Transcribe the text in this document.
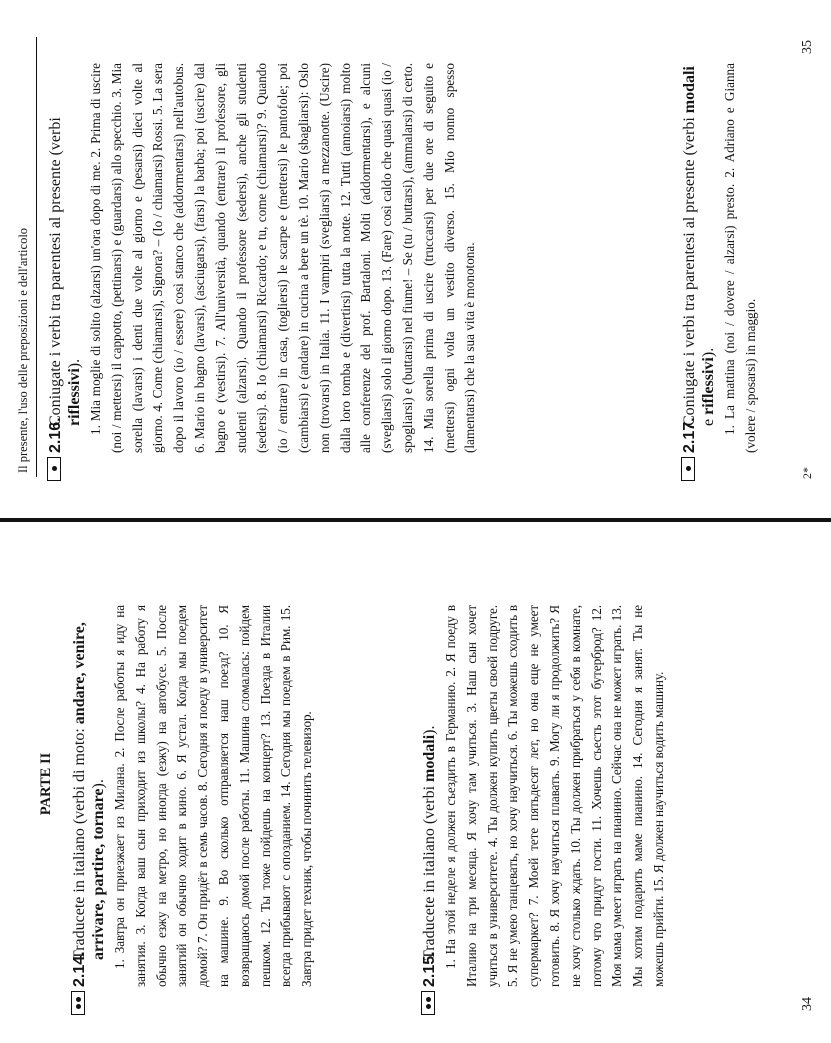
PARTE II
2.14.
Traducete in italiano (verbi di moto: andare, venire, arrivare, partire, tornare). 1. Завтра он приезжает из Милана. 2. После работы я иду на занятия. 3. Когда ваш сын приходит из школы? 4. На работу я обычно езжу на метро, но иногда (езжу) на автобусе. 5. После занятий он обычно ходит в кино. 6. Я устал. Когда мы поедем домой? 7. Он придёт в семь часов. 8. Сегодня я поеду в университет на машине. 9. Во сколько отправляется наш поезд? 10. Я возвращаюсь домой после работы. 11. Машина сломалась: пойдем пешком. 12. Ты тоже пойдешь на концерт? 13. Поезда в Италии всегда прибывают с опозданием. 14. Сегодня мы поедем в Рим. 15. Завтра придет техник, чтобы починить телевизор.	2.15.
Traducete in italiano (verbi modali). 1. На этой неделе я должен съездить в Германию. 2. Я поеду в Италию на три месяца. Я хочу там учиться. 3. Наш сын хочет учиться в университете. 4. Ты должен купить цветы своей подруге. 5. Я не умею танцевать, но хочу научиться. 6. Ты можешь сходить в супермаркет? 7. Моей тете пятьдесят лет, но она еще не умеет готовить. 8. Я хочу научиться плавать. 9. Могу ли я продолжить? Я не хочу столько ждать. 10. Ты должен прибраться у себя в комнате, потому что придут гости. 11. Хочешь съесть этот бутерброд? 12. Моя мама умеет играть на пианино. Сейчас она не может играть. 13. Мы хотим подарить маме пианино. 14. Сегодня я занят. Ты не можешь прийти. 15. Я должен научиться водить машину.
34
Il presente, l'uso delle preposizioni e dell'articolo 2.16.
Coniugate i verbi tra parentesi al presente (verbi riflessivi). 1. Mia moglie di solito (alzarsi) un'ora dopo di me. 2. Prima di uscire (noi / mettersi) il cappotto, (pettinarsi) e (guardarsi) allo specchio. 3. Mia sorella (lavarsi) i denti due volte al giorno e (pesarsi) dieci volte al giorno. 4. Come (chiamarsi), Signora? – (Io / chiamarsi) Rossi. 5. La sera dopo il lavoro (io / essere) così stanco che (addormentarsi) nell'autobus. 6. Mario in bagno (lavarsi), (asciugarsi), (farsi) la barba; poi (uscire) dal bagno e (vestirsi). 7. All'università, quando (entrare) il professore, gli studenti (alzarsi). Quando il professore (sedersi), anche gli studenti (sedersi). 8. Io (chiamarsi) Riccardo; e tu, come (chiamarsi)? 9. Quando (io / entrare) in casa, (togliersi) le scarpe e (mettersi) le pantofole; poi (cambiarsi) e (andare) in cucina a bere un tè. 10. Mario (sbagliarsi): Oslo non (trovarsi) in Italia. 11. I vampiri (svegliarsi) a mezzanotte. (Uscire) dalla loro tomba e (divertirsi) tutta la notte. 12. Tutti (annoiarsi) molto alle conferenze del prof. Bartaloni. Molti (addormentarsi), e alcuni (svegliarsi) solo il giorno dopo. 13. (Fare) così caldo che quasi quasi (io / spogliarsi) e (buttarsi) nel fiume! – Se (tu / buttarsi), (ammalarsi) di certo. 14. Mia sorella prima di uscire (truccarsi) per due ore di seguito e (mettersi) ogni volta un vestito diverso. 15. Mio nonno spesso (lamentarsi) che la sua vita è monotona.	2.17.
Coniugate i verbi tra parentesi al presente (verbi modali e riflessivi). 1. La mattina (noi / dovere / alzarsi) presto. 2. Adriano e Gianna (volere / sposarsi) in maggio.
2*
35
